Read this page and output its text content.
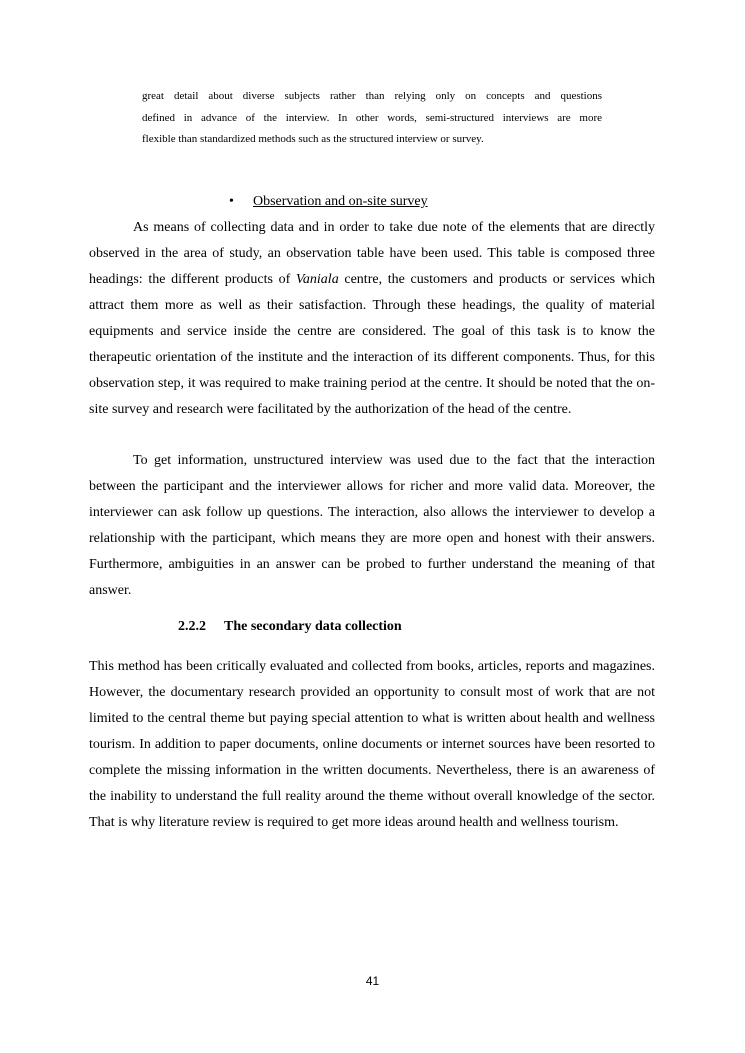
great detail about diverse subjects rather than relying only on concepts and questions
defined in advance of the interview. In other words, semi-structured interviews are more
flexible than standardized methods such as the structured interview or survey.
• Observation and on-site survey

As means of collecting data and in order to take due note of the elements that are directly observed in the area of study, an observation table have been used. This table is composed three headings: the different products of Vaniala centre, the customers and products or services which attract them more as well as their satisfaction. Through these headings, the quality of material equipments and service inside the centre are considered. The goal of this task is to know the therapeutic orientation of the institute and the interaction of its different components. Thus, for this observation step, it was required to make training period at the centre. It should be noted that the on-site survey and research were facilitated by the authorization of the head of the centre.

To get information, unstructured interview was used due to the fact that the interaction between the participant and the interviewer allows for richer and more valid data. Moreover, the interviewer can ask follow up questions. The interaction, also allows the interviewer to develop a relationship with the participant, which means they are more open and honest with their answers. Furthermore, ambiguities in an answer can be probed to further understand the meaning of that answer.

2.2.2 The secondary data collection

This method has been critically evaluated and collected from books, articles, reports and magazines. However, the documentary research provided an opportunity to consult most of work that are not limited to the central theme but paying special attention to what is written about health and wellness tourism. In addition to paper documents, online documents or internet sources have been resorted to complete the missing information in the written documents. Nevertheless, there is an awareness of the inability to understand the full reality around the theme without overall knowledge of the sector. That is why literature review is required to get more ideas around health and wellness tourism.

41
